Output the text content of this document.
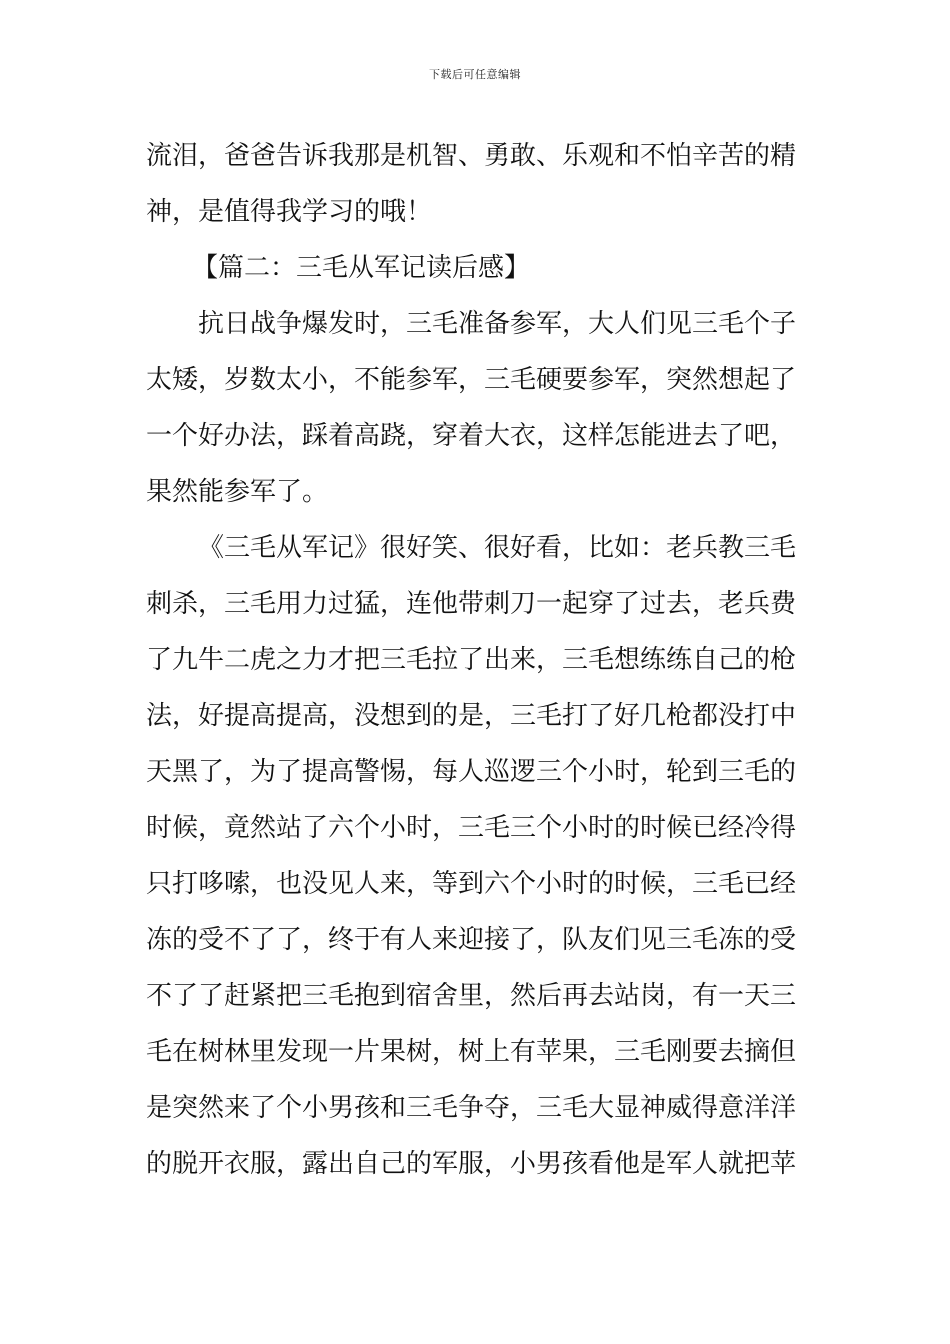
下载后可任意编辑
流泪，爸爸告诉我那是机智、勇敢、乐观和不怕辛苦的精
神，是值得我学习的哦！
【篇二：三毛从军记读后感】
抗日战争爆发时，三毛准备参军，大人们见三毛个子
太矮，岁数太小，不能参军，三毛硬要参军，突然想起了
一个好办法，踩着高跷，穿着大衣，这样怎能进去了吧，
果然能参军了。
《三毛从军记》很好笑、很好看，比如：老兵教三毛
刺杀，三毛用力过猛，连他带刺刀一起穿了过去，老兵费
了九牛二虎之力才把三毛拉了出来，三毛想练练自己的枪
法，好提高提高，没想到的是，三毛打了好几枪都没打中
天黑了，为了提高警惕，每人巡逻三个小时，轮到三毛的
时候，竟然站了六个小时，三毛三个小时的时候已经冷得
只打哆嗦，也没见人来，等到六个小时的时候，三毛已经
冻的受不了了，终于有人来迎接了，队友们见三毛冻的受
不了了赶紧把三毛抱到宿舍里，然后再去站岗，有一天三
毛在树林里发现一片果树，树上有苹果，三毛刚要去摘但
是突然来了个小男孩和三毛争夺，三毛大显神威得意洋洋
的脱开衣服，露出自己的军服，小男孩看他是军人就把苹
